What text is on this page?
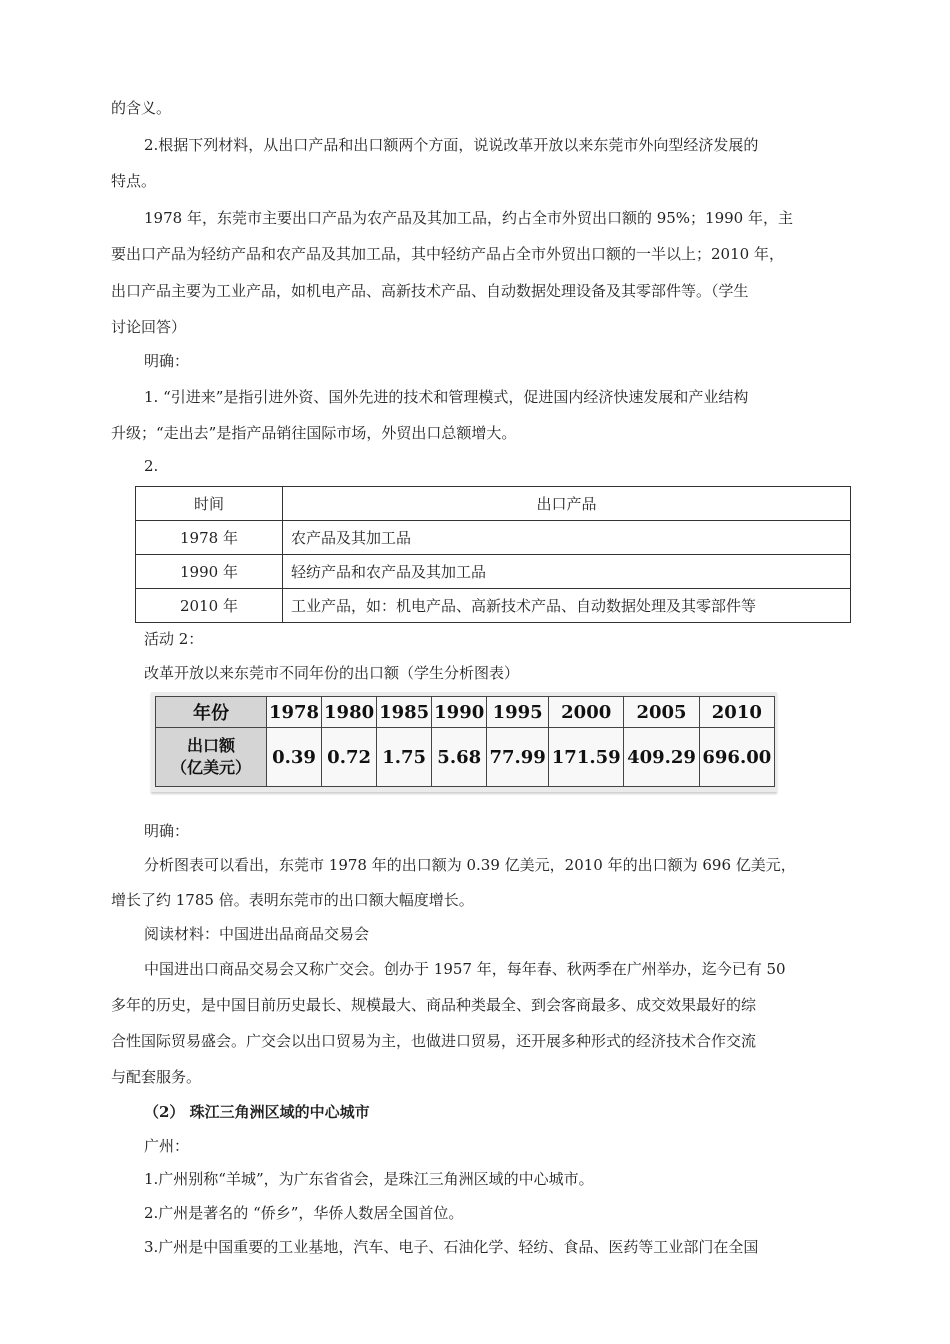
的含义。
2.根据下列材料，从出口产品和出口额两个方面，说说改革开放以来东莞市外向型经济发展的
特点。
1978 年，东莞市主要出口产品为农产品及其加工品，约占全市外贸出口额的 95%；1990 年，主
要出口产品为轻纺产品和农产品及其加工品，其中轻纺产品占全市外贸出口额的一半以上；2010 年，
出口产品主要为工业产品，如机电产品、高新技术产品、自动数据处理设备及其零部件等。（学生
讨论回答）
明确：
1. “引进来”是指引进外资、国外先进的技术和管理模式，促进国内经济快速发展和产业结构
升级；“走出去”是指产品销往国际市场，外贸出口总额增大。
2.
时间	出口产品
1978 年	农产品及其加工品
1990 年	轻纺产品和农产品及其加工品
2010 年	工业产品，如：机电产品、高新技术产品、自动数据处理及其零部件等
活动 2：
改革开放以来东莞市不同年份的出口额（学生分析图表）
年份	1978	1980	1985	1990	1995	2000	2005	2010
出口额
（亿美元）	0.39	0.72	1.75	5.68	77.99	171.59	409.29	696.00
明确：
分析图表可以看出，东莞市 1978 年的出口额为 0.39 亿美元，2010 年的出口额为 696 亿美元，
增长了约 1785 倍。表明东莞市的出口额大幅度增长。
阅读材料：中国进出品商品交易会
中国进出口商品交易会又称广交会。创办于 1957 年，每年春、秋两季在广州举办，迄今已有 50
多年的历史，是中国目前历史最长、规模最大、商品种类最全、到会客商最多、成交效果最好的综
合性国际贸易盛会。广交会以出口贸易为主，也做进口贸易，还开展多种形式的经济技术合作交流
与配套服务。
（2） 珠江三角洲区域的中心城市
广州：
1.广州别称“羊城”，为广东省省会，是珠江三角洲区域的中心城市。
2.广州是著名的 “侨乡”，华侨人数居全国首位。
3.广州是中国重要的工业基地，汽车、电子、石油化学、轻纺、食品、医药等工业部门在全国
